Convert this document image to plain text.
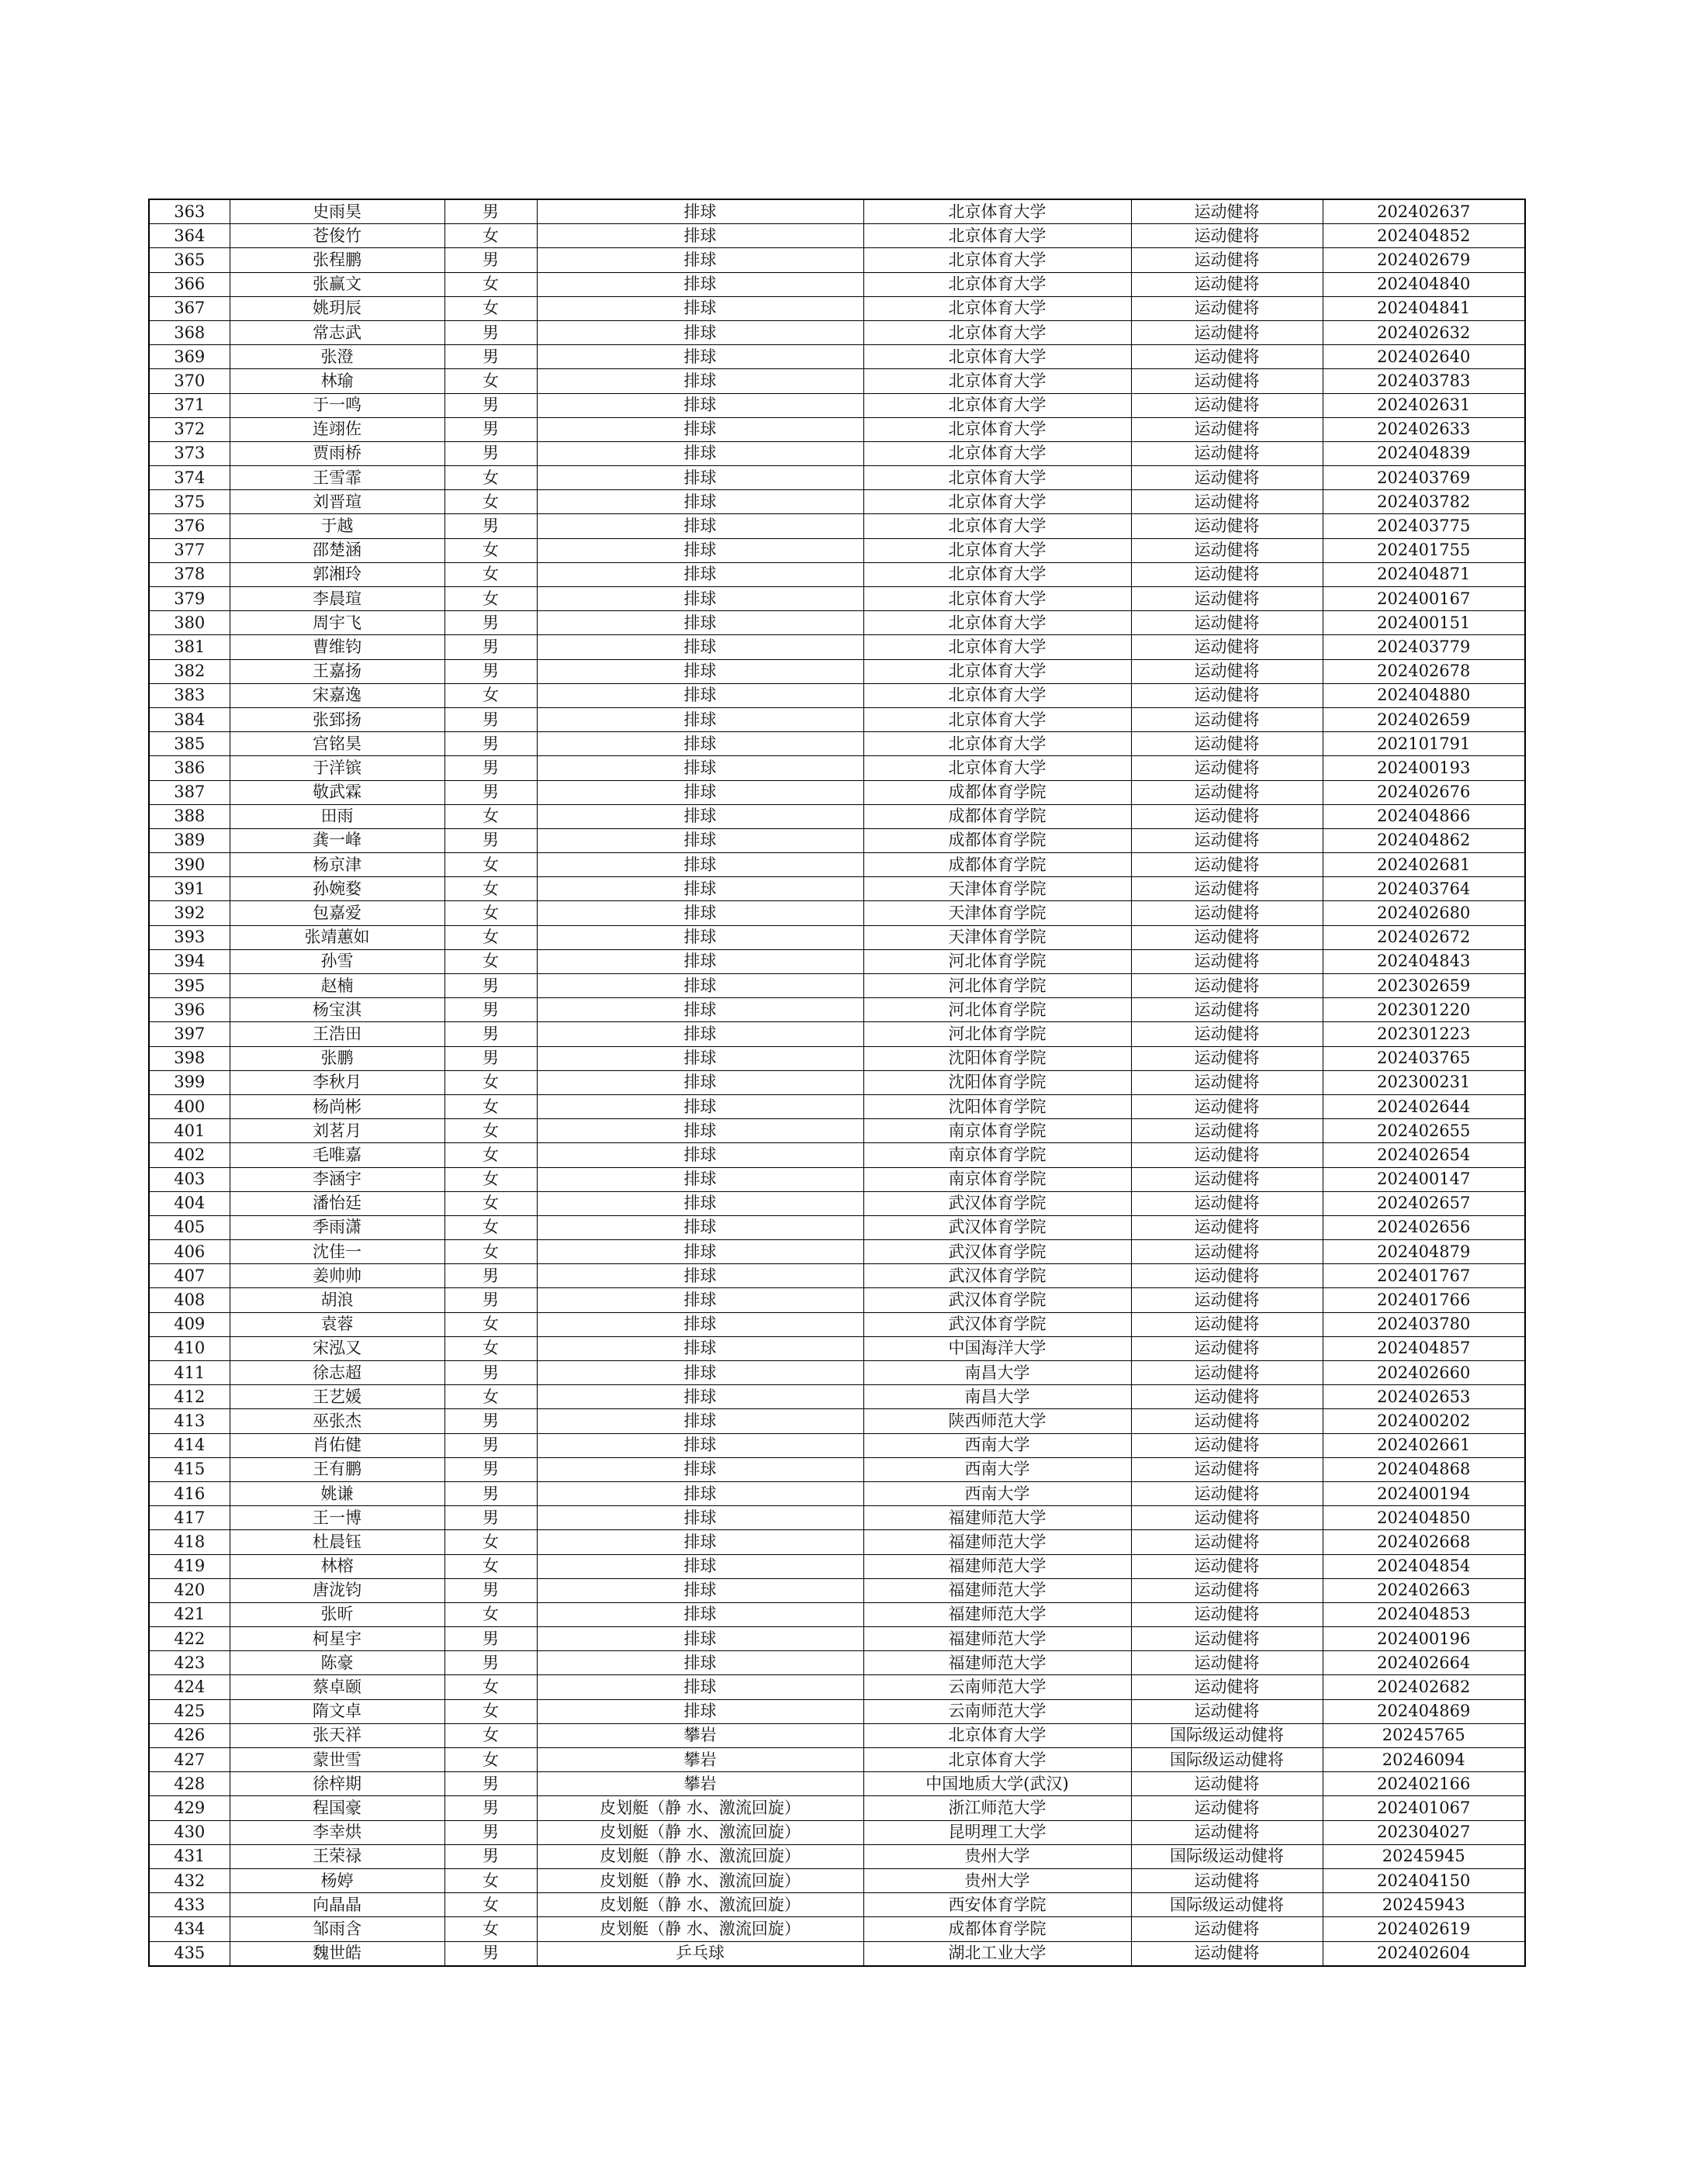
363	史雨昊	男	排球	北京体育大学	运动健将	202402637
364	苍俊竹	女	排球	北京体育大学	运动健将	202404852
365	张程鹏	男	排球	北京体育大学	运动健将	202402679
366	张赢文	女	排球	北京体育大学	运动健将	202404840
367	姚玥辰	女	排球	北京体育大学	运动健将	202404841
368	常志武	男	排球	北京体育大学	运动健将	202402632
369	张澄	男	排球	北京体育大学	运动健将	202402640
370	林瑜	女	排球	北京体育大学	运动健将	202403783
371	于一鸣	男	排球	北京体育大学	运动健将	202402631
372	连翊佐	男	排球	北京体育大学	运动健将	202402633
373	贾雨桥	男	排球	北京体育大学	运动健将	202404839
374	王雪霏	女	排球	北京体育大学	运动健将	202403769
375	刘晋瑄	女	排球	北京体育大学	运动健将	202403782
376	于越	男	排球	北京体育大学	运动健将	202403775
377	邵楚涵	女	排球	北京体育大学	运动健将	202401755
378	郭湘玲	女	排球	北京体育大学	运动健将	202404871
379	李晨瑄	女	排球	北京体育大学	运动健将	202400167
380	周宇飞	男	排球	北京体育大学	运动健将	202400151
381	曹维钧	男	排球	北京体育大学	运动健将	202403779
382	王嘉扬	男	排球	北京体育大学	运动健将	202402678
383	宋嘉逸	女	排球	北京体育大学	运动健将	202404880
384	张郅扬	男	排球	北京体育大学	运动健将	202402659
385	宫铭昊	男	排球	北京体育大学	运动健将	202101791
386	于洋镔	男	排球	北京体育大学	运动健将	202400193
387	敬武霖	男	排球	成都体育学院	运动健将	202402676
388	田雨	女	排球	成都体育学院	运动健将	202404866
389	龚一峰	男	排球	成都体育学院	运动健将	202404862
390	杨京津	女	排球	成都体育学院	运动健将	202402681
391	孙婉婺	女	排球	天津体育学院	运动健将	202403764
392	包嘉爱	女	排球	天津体育学院	运动健将	202402680
393	张靖蕙如	女	排球	天津体育学院	运动健将	202402672
394	孙雪	女	排球	河北体育学院	运动健将	202404843
395	赵楠	男	排球	河北体育学院	运动健将	202302659
396	杨宝淇	男	排球	河北体育学院	运动健将	202301220
397	王浩田	男	排球	河北体育学院	运动健将	202301223
398	张鹏	男	排球	沈阳体育学院	运动健将	202403765
399	李秋月	女	排球	沈阳体育学院	运动健将	202300231
400	杨尚彬	女	排球	沈阳体育学院	运动健将	202402644
401	刘茗月	女	排球	南京体育学院	运动健将	202402655
402	毛唯嘉	女	排球	南京体育学院	运动健将	202402654
403	李涵宇	女	排球	南京体育学院	运动健将	202400147
404	潘怡廷	女	排球	武汉体育学院	运动健将	202402657
405	季雨潇	女	排球	武汉体育学院	运动健将	202402656
406	沈佳一	女	排球	武汉体育学院	运动健将	202404879
407	姜帅帅	男	排球	武汉体育学院	运动健将	202401767
408	胡浪	男	排球	武汉体育学院	运动健将	202401766
409	袁蓉	女	排球	武汉体育学院	运动健将	202403780
410	宋泓又	女	排球	中国海洋大学	运动健将	202404857
411	徐志超	男	排球	南昌大学	运动健将	202402660
412	王艺媛	女	排球	南昌大学	运动健将	202402653
413	巫张杰	男	排球	陕西师范大学	运动健将	202400202
414	肖佑健	男	排球	西南大学	运动健将	202402661
415	王有鹏	男	排球	西南大学	运动健将	202404868
416	姚谦	男	排球	西南大学	运动健将	202400194
417	王一博	男	排球	福建师范大学	运动健将	202404850
418	杜晨钰	女	排球	福建师范大学	运动健将	202402668
419	林榕	女	排球	福建师范大学	运动健将	202404854
420	唐泷钧	男	排球	福建师范大学	运动健将	202402663
421	张昕	女	排球	福建师范大学	运动健将	202404853
422	柯星宇	男	排球	福建师范大学	运动健将	202400196
423	陈豪	男	排球	福建师范大学	运动健将	202402664
424	蔡卓颐	女	排球	云南师范大学	运动健将	202402682
425	隋文卓	女	排球	云南师范大学	运动健将	202404869
426	张天祥	女	攀岩	北京体育大学	国际级运动健将	20245765
427	蒙世雪	女	攀岩	北京体育大学	国际级运动健将	20246094
428	徐梓期	男	攀岩	中国地质大学(武汉)	运动健将	202402166
429	程国豪	男	皮划艇（静 水、激流回旋）	浙江师范大学	运动健将	202401067
430	李幸烘	男	皮划艇（静 水、激流回旋）	昆明理工大学	运动健将	202304027
431	王荣禄	男	皮划艇（静 水、激流回旋）	贵州大学	国际级运动健将	20245945
432	杨婷	女	皮划艇（静 水、激流回旋）	贵州大学	运动健将	202404150
433	向晶晶	女	皮划艇（静 水、激流回旋）	西安体育学院	国际级运动健将	20245943
434	邹雨含	女	皮划艇（静 水、激流回旋）	成都体育学院	运动健将	202402619
435	魏世皓	男	乒乓球	湖北工业大学	运动健将	202402604
